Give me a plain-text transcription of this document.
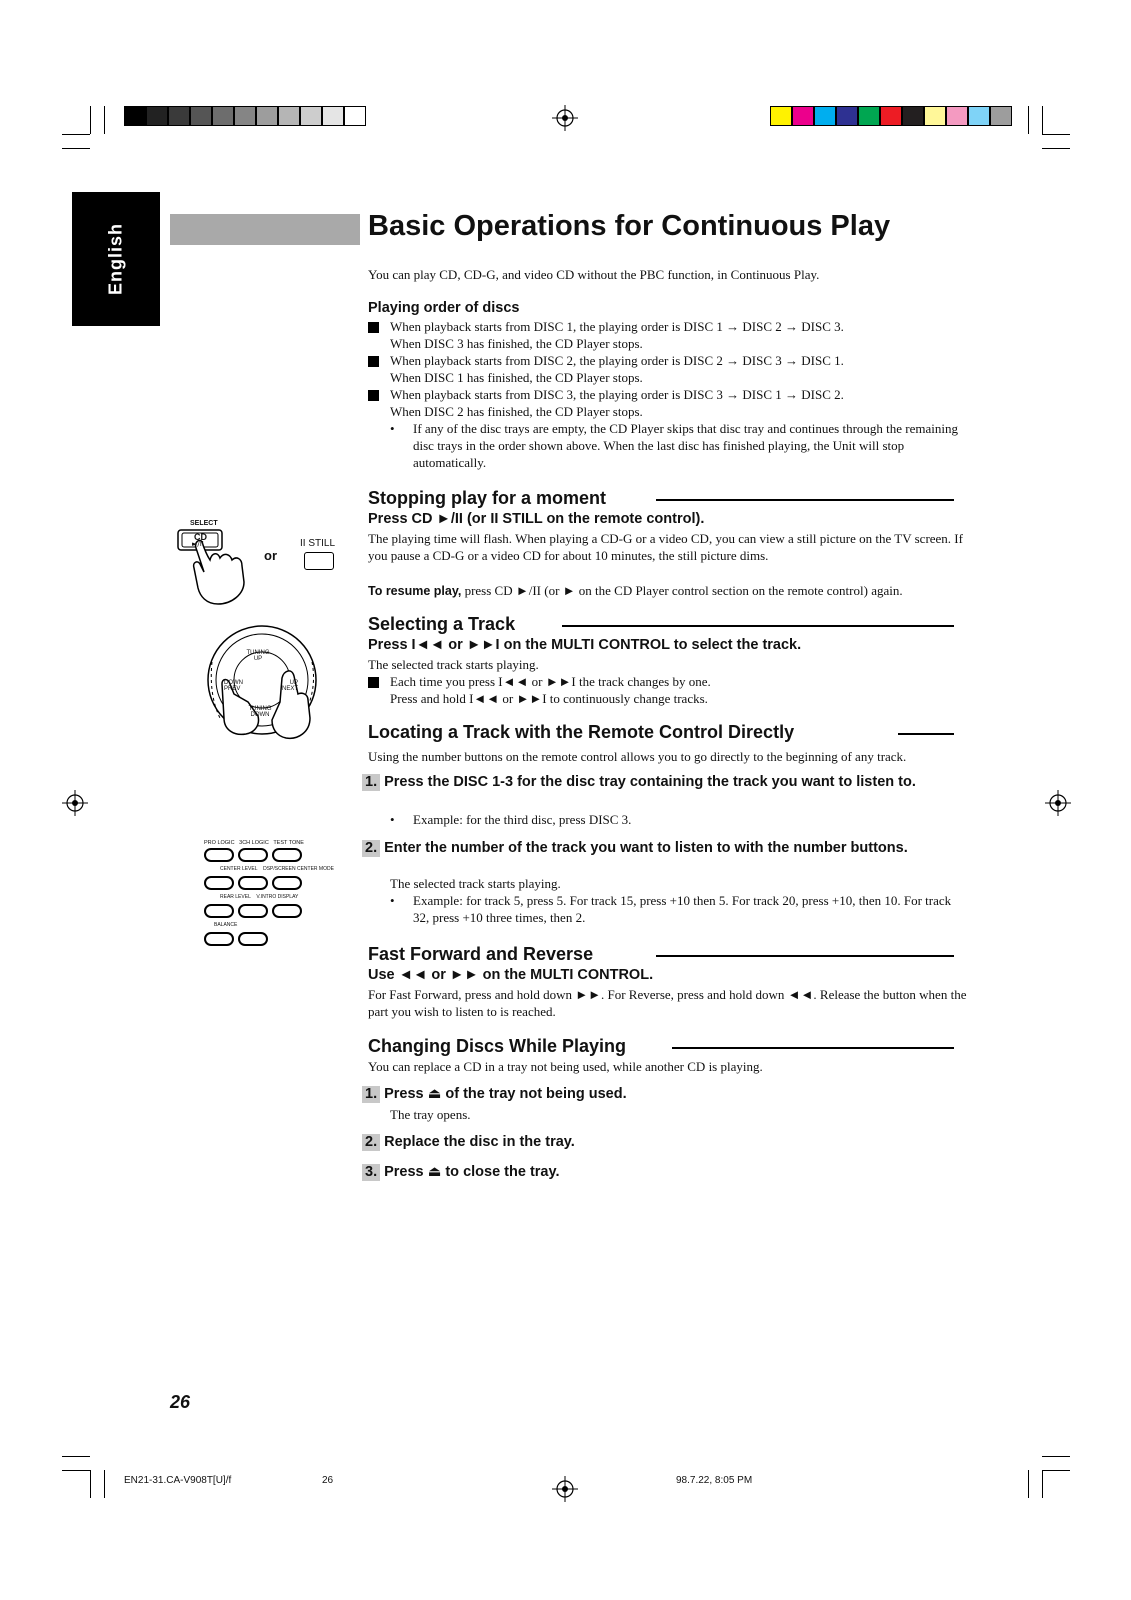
English	Basic Operations for Continuous Play
You can play CD, CD-G, and video CD without the PBC function, in Continuous Play.
Playing order of discs
When playback starts from DISC 1, the playing order is DISC 1 → DISC 2 → DISC 3.
When DISC 3 has finished, the CD Player stops.
When playback starts from DISC 2, the playing order is DISC 2 → DISC 3 → DISC 1.
When DISC 1 has finished, the CD Player stops.
When playback starts from DISC 3, the playing order is DISC 3 → DISC 1 → DISC 2.
When DISC 2 has finished, the CD Player stops.
• If any of the disc trays are empty, the CD Player skips that disc tray and continues through the remaining disc trays in the order shown above. When the last disc has finished playing, the Unit will stop automatically.
Stopping play for a moment
Press CD ►/II (or II STILL on the remote control).
The playing time will flash. When playing a CD-G or a video CD, you can view a still picture on the TV screen. If you pause a CD-G or a video CD for about 10 minutes, the still picture dims.
To resume play, press CD ►/II (or ► on the CD Player control section on the remote control) again.
Selecting a Track
Press I◄◄ or ►►I on the MULTI CONTROL to select the track.
The selected track starts playing.
Each time you press I◄◄ or ►►I the track changes by one.
Press and hold I◄◄ or ►►I to continuously change tracks.
Locating a Track with the Remote Control Directly
Using the number buttons on the remote control allows you to go directly to the beginning of any track.
1. Press the DISC 1-3 for the disc tray containing the track you want to listen to.
• Example: for the third disc, press DISC 3.
2. Enter the number of the track you want to listen to with the number buttons.
The selected track starts playing.
• Example: for track 5, press 5. For track 15, press +10 then 5. For track 20, press +10, then 10. For track 32, press +10 three times, then 2.
Fast Forward and Reverse
Use ◄◄ or ►► on the MULTI CONTROL.
For Fast Forward, press and hold down ►►. For Reverse, press and hold down ◄◄. Release the button when the part you wish to listen to is reached.
Changing Discs While Playing
You can replace a CD in a tray not being used, while another CD is playing.
1. Press ⏏ of the tray not being used.
The tray opens.
2. Replace the disc in the tray.
3. Press ⏏ to close the tray.
SELECT
CD
►/II
or
II STILL
TUNING UP
DOWN PREV
UP NEXT
TUNING DOWN
PRO LOGIC 3CH LOGIC TEST TONE
CENTER LEVEL DSP/SCREEN CENTER MODE
REAR LEVEL V.INTRO DISPLAY
BALANCE
26
EN21-31.CA-V908T[U]/f	26	98.7.22, 8:05 PM
